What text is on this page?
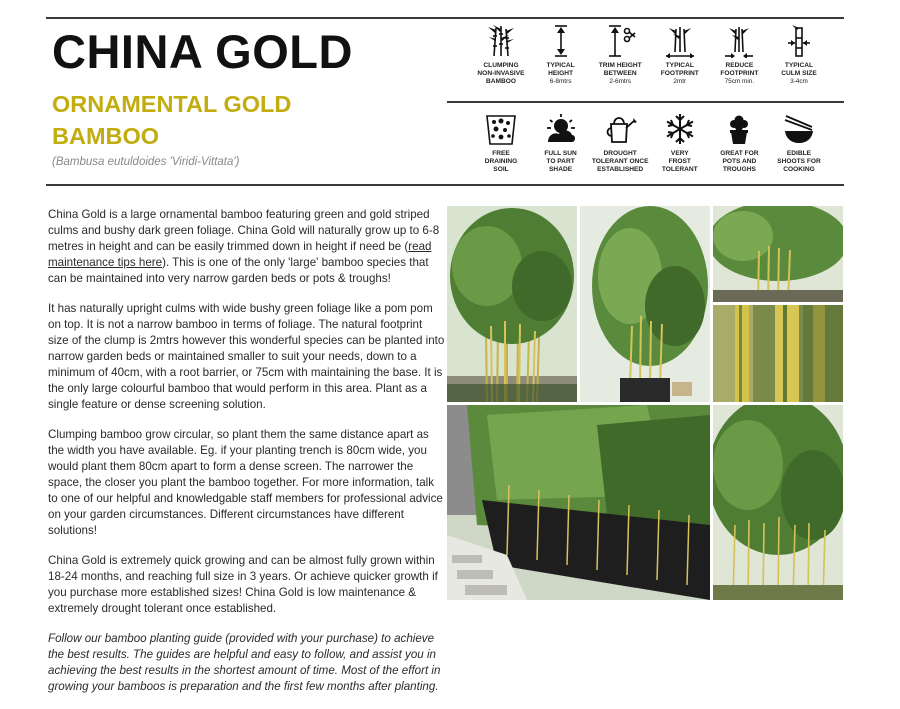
CHINA GOLD
ORNAMENTAL GOLD
BAMBOO
(Bambusa eutuldoides 'Viridi-Vittata')
CLUMPING
NON-INVASIVE
BAMBOO
TYPICAL
HEIGHT
6-8mtrs
TRIM HEIGHT
BETWEEN
2-6mtrs
TYPICAL
FOOTPRINT
2mtr
REDUCE
FOOTPRINT
75cm min.
TYPICAL
CULM SIZE
3-4cm
FREE
DRAINING
SOIL
FULL SUN
TO PART
SHADE
DROUGHT
TOLERANT ONCE
ESTABLISHED
VERY
FROST
TOLERANT
GREAT FOR
POTS AND
TROUGHS
EDIBLE
SHOOTS FOR
COOKING

China Gold is a large ornamental bamboo featuring green and gold striped culms and bushy dark green foliage. China Gold will naturally grow up to 6-8 metres in height and can be easily trimmed down in height if need be (read maintenance tips here). This is one of the only 'large' bamboo species that can be maintained into very narrow garden beds or pots & troughs!

It has naturally upright culms with wide bushy green foliage like a pom pom on top. It is not a narrow bamboo in terms of foliage. The natural footprint size of the clump is 2mtrs however this wonderful species can be planted into narrow garden beds or maintained smaller to suit your needs, down to a minimum of 40cm, with a root barrier, or 75cm with maintaining the base. It is the only large colourful bamboo that would perform in this area. Plant as a single feature or dense screening solution.

Clumping bamboo grow circular, so plant them the same distance apart as the width you have available. Eg. if your planting trench is 80cm wide, you would plant them 80cm apart to form a dense screen. The narrower the space, the closer you plant the bamboo together. For more information, talk to one of our helpful and knowledgable staff members for professional advice on your garden circumstances. Different circumstances have different solutions!

China Gold is extremely quick growing and can be almost fully grown within 18-24 months, and reaching full size in 3 years. Or achieve quicker growth if you purchase more established sizes! China Gold is low maintenance & extremely drought tolerant once established.

Follow our bamboo planting guide (provided with your purchase) to achieve the best results. The guides are helpful and easy to follow, and assist you in achieving the best results in the shortest amount of time. Most of the effort in growing your bamboos is preparation and the first few months after planting.
